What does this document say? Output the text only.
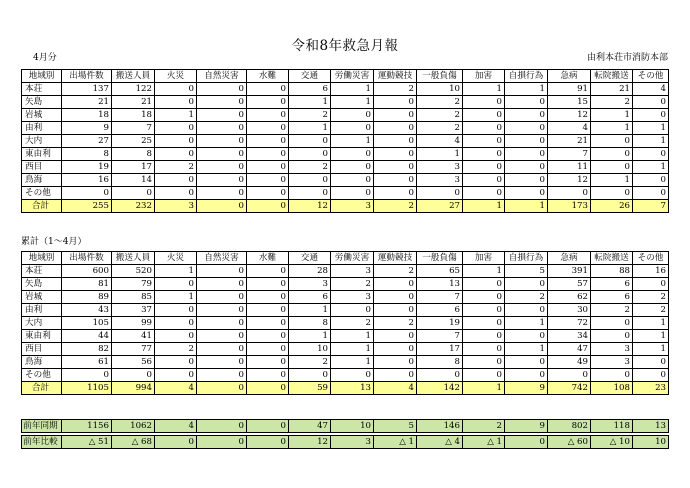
令和8年救急月報
4月分	由利本荘市消防本部
地域別	出場件数	搬送人員	火災	自然災害	水難	交通	労働災害	運動競技	一般負傷	加害	自損行為	急病	転院搬送	その他
本荘	137	122	0	0	0	6	1	2	10	1	1	91	21	4
矢島	21	21	0	0	0	1	1	0	2	0	0	15	2	0
岩城	18	18	1	0	0	2	0	0	2	0	0	12	1	0
由利	9	7	0	0	0	1	0	0	2	0	0	4	1	1
大内	27	25	0	0	0	0	1	0	4	0	0	21	0	1
東由利	8	8	0	0	0	0	0	0	1	0	0	7	0	0
西目	19	17	2	0	0	2	0	0	3	0	0	11	0	1
鳥海	16	14	0	0	0	0	0	0	3	0	0	12	1	0
その他	0	0	0	0	0	0	0	0	0	0	0	0	0	0
合計	255	232	3	0	0	12	3	2	27	1	1	173	26	7
累計（1～4月）
地域別	出場件数	搬送人員	火災	自然災害	水難	交通	労働災害	運動競技	一般負傷	加害	自損行為	急病	転院搬送	その他
本荘	600	520	1	0	0	28	3	2	65	1	5	391	88	16
矢島	81	79	0	0	0	3	2	0	13	0	0	57	6	0
岩城	89	85	1	0	0	6	3	0	7	0	2	62	6	2
由利	43	37	0	0	0	1	0	0	6	0	0	30	2	2
大内	105	99	0	0	0	8	2	2	19	0	1	72	0	1
東由利	44	41	0	0	0	1	1	0	7	0	0	34	0	1
西目	82	77	2	0	0	10	1	0	17	0	1	47	3	1
鳥海	61	56	0	0	0	2	1	0	8	0	0	49	3	0
その他	0	0	0	0	0	0	0	0	0	0	0	0	0	0
合計	1105	994	4	0	0	59	13	4	142	1	9	742	108	23
前年同期	1156	1062	4	0	0	47	10	5	146	2	9	802	118	13
前年比較	△ 51	△ 68	0	0	0	12	3	△ 1	△ 4	△ 1	0	△ 60	△ 10	10
